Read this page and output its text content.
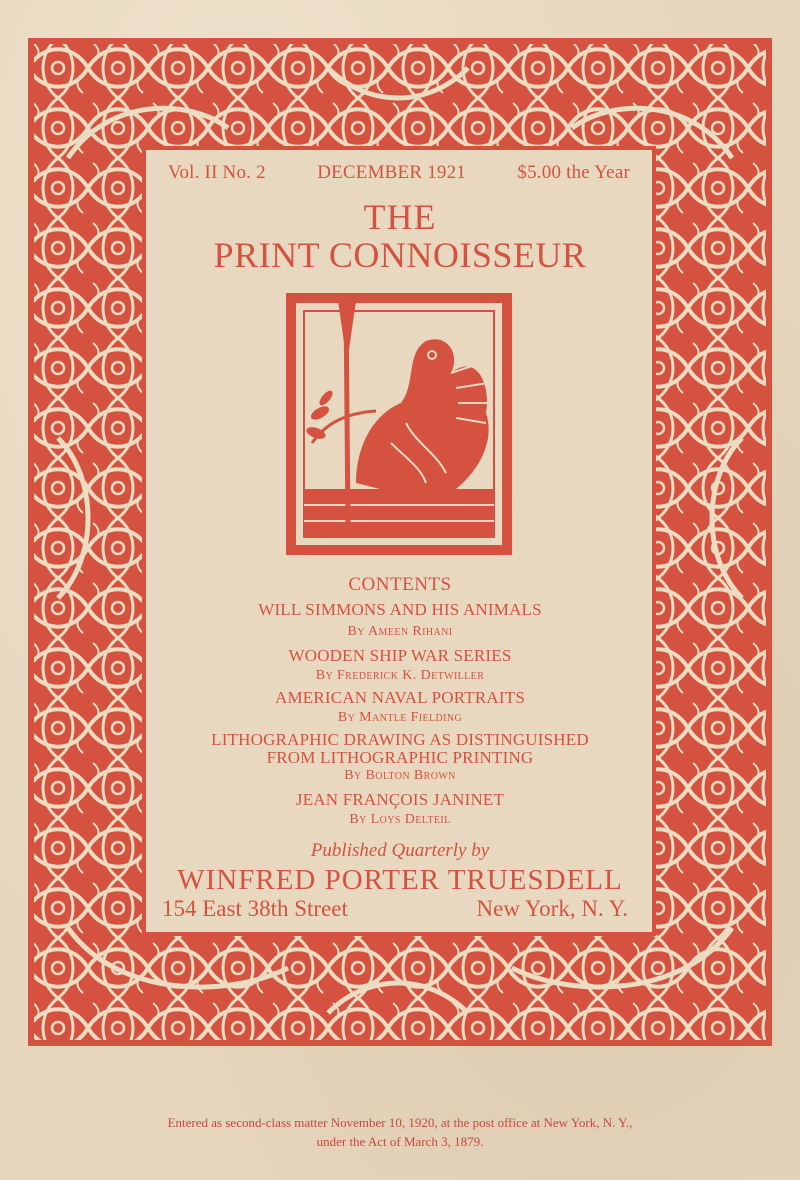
Vol. II No. 2	DECEMBER 1921	$5.00 the Year
THE
PRINT CONNOISSEUR
CONTENTS
WILL SIMMONS AND HIS ANIMALS
By Ameen Rihani
WOODEN SHIP WAR SERIES
By Frederick K. Detwiller
AMERICAN NAVAL PORTRAITS
By Mantle Fielding
LITHOGRAPHIC DRAWING AS DISTINGUISHED
FROM LITHOGRAPHIC PRINTING
By Bolton Brown
JEAN FRANÇOIS JANINET
By Loys Delteil
Published Quarterly by
WINFRED PORTER TRUESDELL
154 East 38th Street	New York, N. Y.
Entered as second-class matter November 10, 1920, at the post office at New York, N. Y.,
under the Act of March 3, 1879.
